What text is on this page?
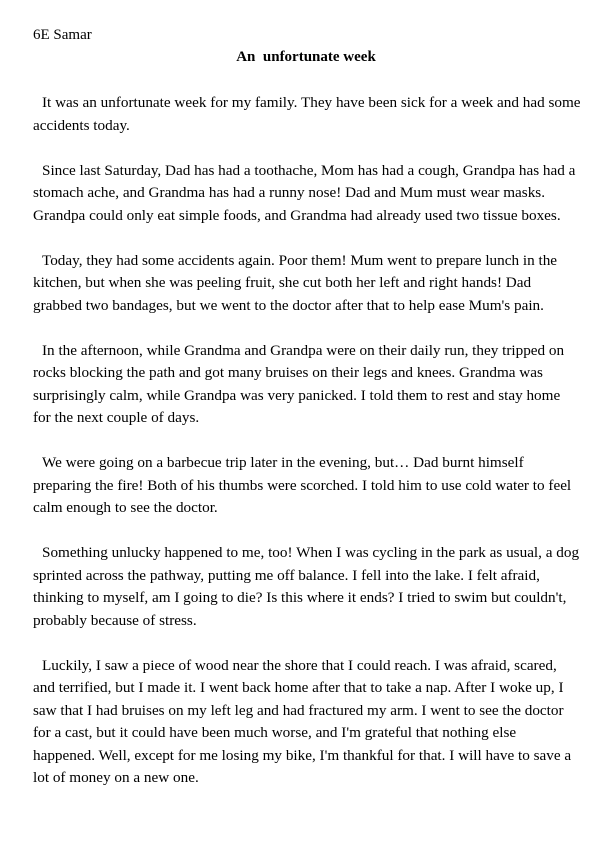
6E Samar
An  unfortunate week

It was an unfortunate week for my family. They have been sick for a week and had some accidents today.

Since last Saturday, Dad has had a toothache, Mom has had a cough, Grandpa has had a stomach ache, and Grandma has had a runny nose! Dad and Mum must wear masks. Grandpa could only eat simple foods, and Grandma had already used two tissue boxes.

Today, they had some accidents again. Poor them! Mum went to prepare lunch in the kitchen, but when she was peeling fruit, she cut both her left and right hands! Dad grabbed two bandages, but we went to the doctor after that to help ease Mum's pain.

In the afternoon, while Grandma and Grandpa were on their daily run, they tripped on rocks blocking the path and got many bruises on their legs and knees. Grandma was surprisingly calm, while Grandpa was very panicked. I told them to rest and stay home for the next couple of days.

We were going on a barbecue trip later in the evening, but… Dad burnt himself preparing the fire! Both of his thumbs were scorched. I told him to use cold water to feel calm enough to see the doctor.

Something unlucky happened to me, too! When I was cycling in the park as usual, a dog sprinted across the pathway, putting me off balance. I fell into the lake. I felt afraid, thinking to myself, am I going to die? Is this where it ends? I tried to swim but couldn't, probably because of stress.

Luckily, I saw a piece of wood near the shore that I could reach. I was afraid, scared, and terrified, but I made it. I went back home after that to take a nap. After I woke up, I saw that I had bruises on my left leg and had fractured my arm. I went to see the doctor for a cast, but it could have been much worse, and I'm grateful that nothing else happened. Well, except for me losing my bike, I'm thankful for that. I will have to save a lot of money on a new one.
